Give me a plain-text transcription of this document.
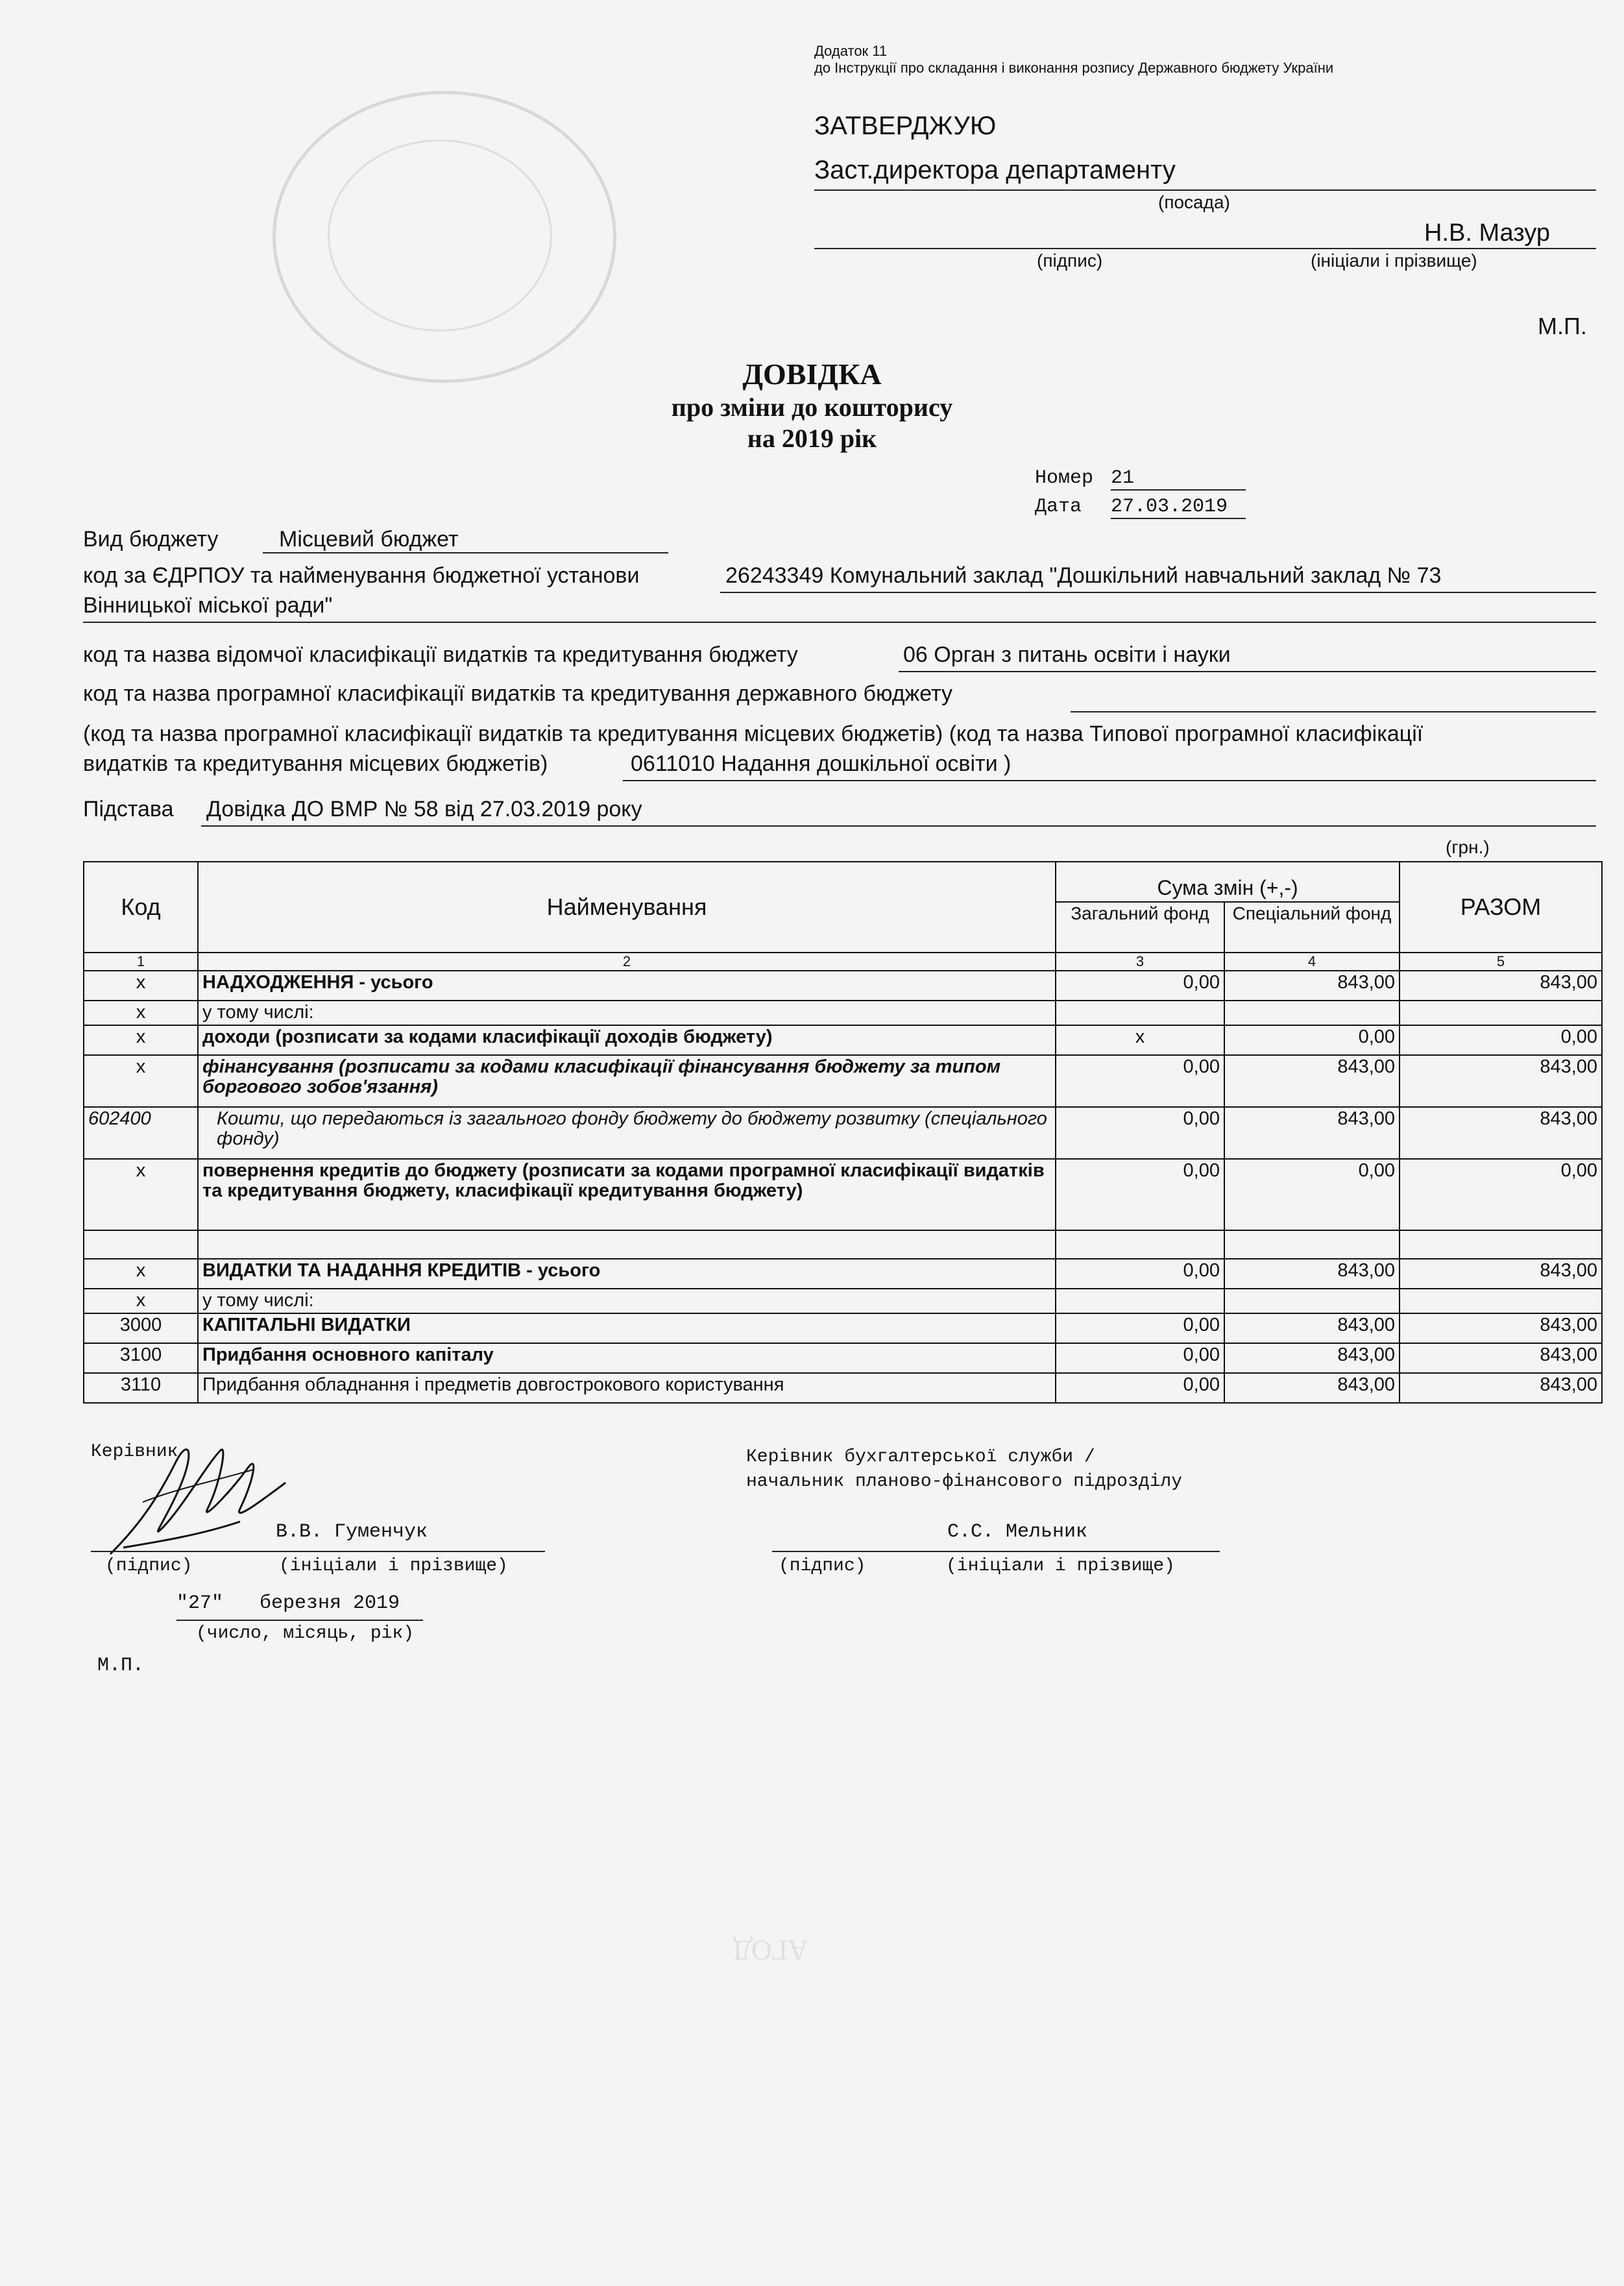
АГОД
Додаток 11
до Інструкції про складання і виконання розпису Державного бюджету України
ЗАТВЕРДЖУЮ
Заст.директора департаменту
(посада)
Н.В. Мазур
(підпис)	(ініціали і прізвище)
М.П.
ДОВІДКА
про зміни до кошторису
на 2019 рік
Номер 21
Дата 27.03.2019
Вид бюджету	Місцевий бюджет
код за ЄДРПОУ та найменування бюджетної установи	26243349 Комунальний заклад "Дошкільний навчальний заклад № 73
Вінницької міської ради"
код та назва відомчої класифікації видатків та кредитування бюджету	06 Орган з питань освіти і науки
код та назва програмної класифікації видатків та кредитування державного бюджету
(код та назва програмної класифікації видатків та кредитування місцевих бюджетів) (код та назва Типової програмної класифікації
видатків та кредитування місцевих бюджетів)	0611010 Надання дошкільної освіти )
Підстава Довідка ДО ВМР № 58 від 27.03.2019 року
(грн.)
Код	Найменування	Сума змін (+,-)		РАЗОМ
		Загальний фонд	Спеціальний фонд	
1	2	3	4	5
х	НАДХОДЖЕННЯ - усього	0,00	843,00	843,00
х	у тому числі:			
х	доходи (розписати за кодами класифікації доходів бюджету)	х	0,00	0,00
х	фінансування (розписати за кодами класифікації фінансування бюджету за типом боргового зобов'язання)	0,00	843,00	843,00
602400	Кошти, що передаються із загального фонду бюджету до бюджету розвитку (спеціального фонду)	0,00	843,00	843,00
х	повернення кредитів до бюджету (розписати за кодами програмної класифікації видатків та кредитування бюджету, класифікації кредитування бюджету)	0,00	0,00	0,00

х	ВИДАТКИ ТА НАДАННЯ КРЕДИТІВ - усього	0,00	843,00	843,00
х	у тому числі:			
3000	КАПІТАЛЬНІ ВИДАТКИ	0,00	843,00	843,00
3100	Придбання основного капіталу	0,00	843,00	843,00
3110	Придбання обладнання і предметів довгострокового користування	0,00	843,00	843,00
Керівник	Керівник бухгалтерської служби /
начальник планово-фінансового підрозділу
В.В. Гуменчук
(підпис)	(ініціали і прізвище)
С.С. Мельник
(підпис)	(ініціали і прізвище)
"27" березня 2019
(число, місяць, рік)
М.П.
